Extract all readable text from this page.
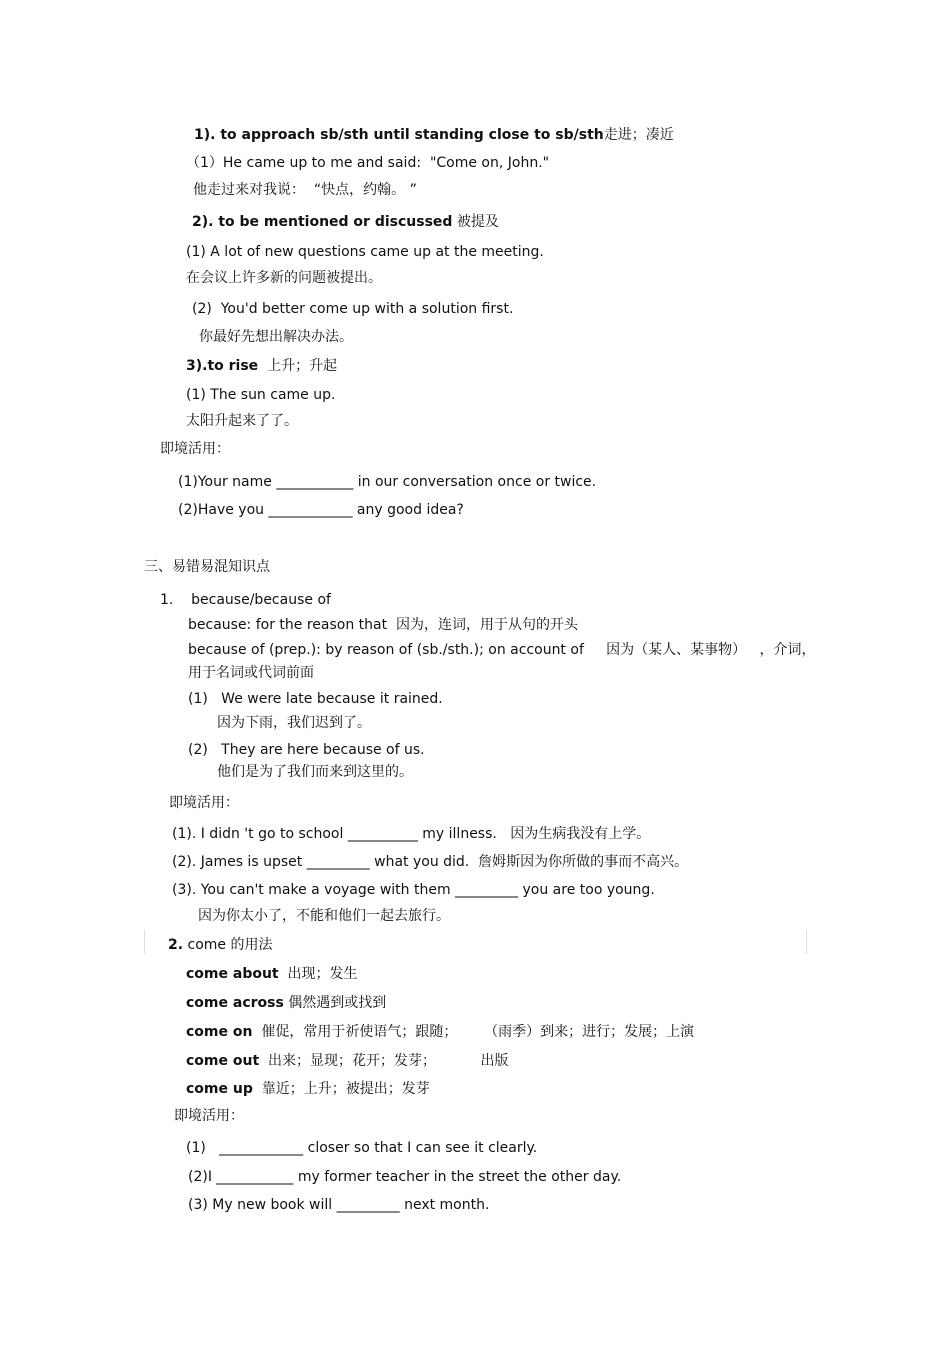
1). to approach sb/sth until standing close to sb/sth走进；凑近
（1）He came up to me and said:  "Come on, John."
他走过来对我说：  “快点，约翰。 ”
2). to be mentioned or discussed 被提及
(1) A lot of new questions came up at the meeting.
在会议上许多新的问题被提出。
(2)  You'd better come up with a solution first.
你最好先想出解决办法。
3).to rise 上升；升起
(1) The sun came up.
太阳升起来了了。
即境活用：
(1)Your name ___________ in our conversation once or twice.
(2)Have you ____________ any good idea?
三、易错易混知识点
1.    because/because of
because: for the reason that  因为，连词，用于从句的开头
because of (prep.): by reason of (sb./sth.); on account of     因为（某人、某事物）   ，介词，
用于名词或代词前面
(1)   We were late because it rained.
因为下雨，我们迟到了。
(2)   They are here because of us.
他们是为了我们而来到这里的。
即境活用：
(1). I didn 't go to school __________ my illness.   因为生病我没有上学。
(2). James is upset _________ what you did.  詹姆斯因为你所做的事而不高兴。
(3). You can't make a voyage with them _________ you are too young.
因为你太小了，不能和他们一起去旅行。
2. come 的用法
come about  出现；发生
come across 偶然遇到或找到
come on  催促，常用于祈使语气；跟随；      （雨季）到来；进行；发展；上演
come out  出来；显现；花开；发芽；          出版
come up  靠近；上升；被提出；发芽
即境活用：
(1)   ____________ closer so that I can see it clearly.
(2)I ___________ my former teacher in the street the other day.
(3) My new book will _________ next month.
